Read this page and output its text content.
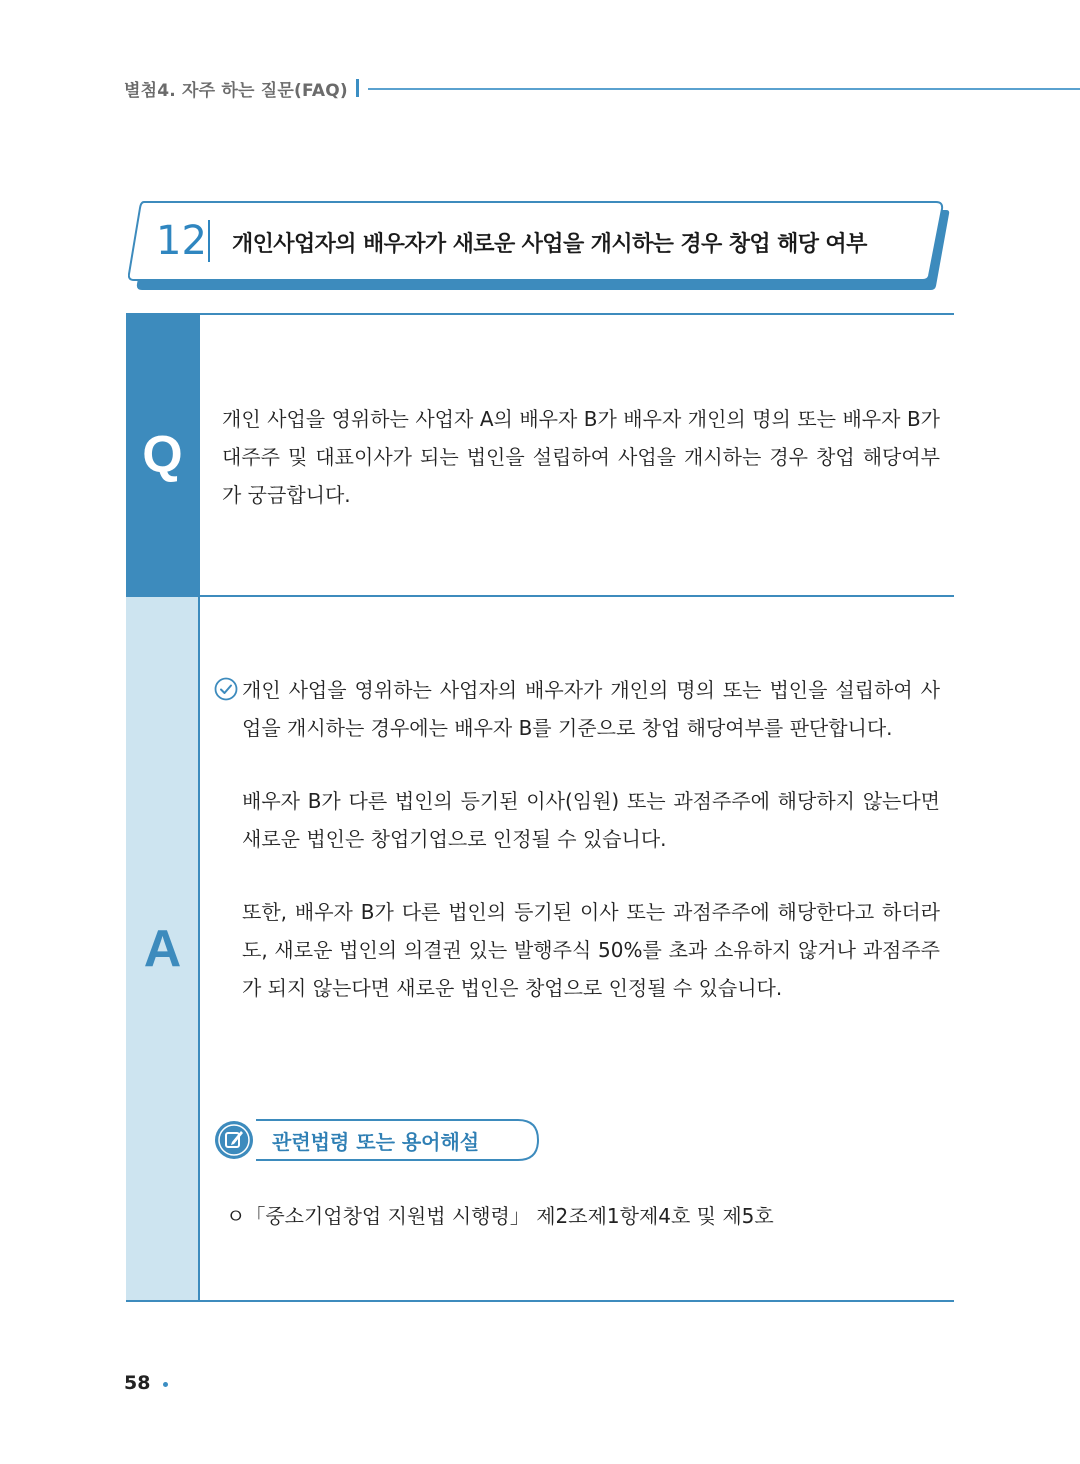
별첨4. 자주 하는 질문(FAQ)
12 개인사업자의 배우자가 새로운 사업을 개시하는 경우 창업 해당 여부
Q
A
개인 사업을 영위하는 사업자 A의 배우자 B가 배우자 개인의 명의 또는 배우자 B가 대주주 및 대표이사가 되는 법인을 설립하여 사업을 개시하는 경우 창업 해당여부가 궁금합니다.
개인 사업을 영위하는 사업자의 배우자가 개인의 명의 또는 법인을 설립하여 사업을 개시하는 경우에는 배우자 B를 기준으로 창업 해당여부를 판단합니다.
배우자 B가 다른 법인의 등기된 이사(임원) 또는 과점주주에 해당하지 않는다면 새로운 법인은 창업기업으로 인정될 수 있습니다.
또한, 배우자 B가 다른 법인의 등기된 이사 또는 과점주주에 해당한다고 하더라도, 새로운 법인의 의결권 있는 발행주식 50%를 초과 소유하지 않거나 과점주주가 되지 않는다면 새로운 법인은 창업으로 인정될 수 있습니다.
관련법령 또는 용어해설
ㅇ「중소기업창업 지원법 시행령」 제2조제1항제4호 및 제5호
58
